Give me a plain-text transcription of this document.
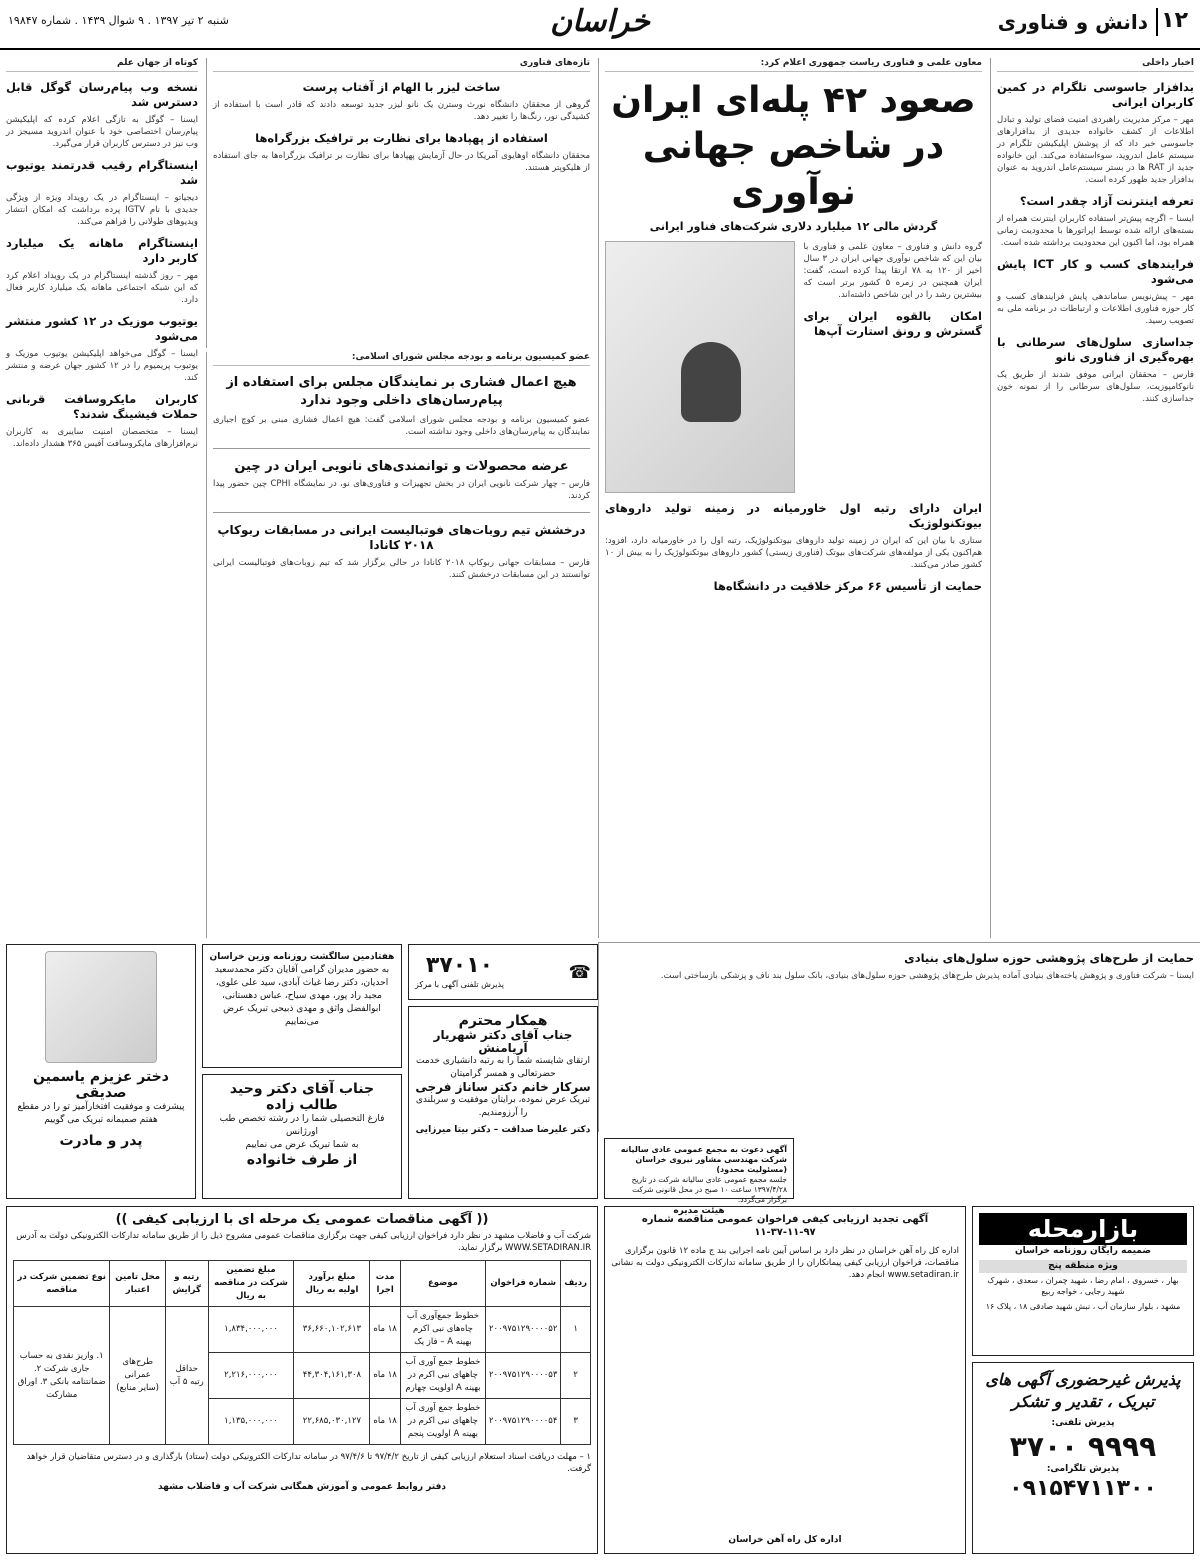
۱۲
دانش و فناوری
خراسان
شنبه ۲ تیر ۱۳۹۷ . ۹ شوال ۱۴۳۹ . شماره ۱۹۸۴۷
اخبار داخلی
بدافزار جاسوسی تلگرام در کمین کاربران ایرانی
مهر – مرکز مدیریت راهبردی امنیت فضای تولید و تبادل اطلاعات از کشف خانواده جدیدی از بدافزارهای جاسوسی خبر داد که از پوشش اپلیکیشن تلگرام در سیستم عامل اندروید، سوءاستفاده می‌کند. این خانواده جدید از RAT ها در بستر سیستم‌عامل اندروید به عنوان بدافزار جدید ظهور کرده است.
تعرفه اینترنت آزاد چقدر است؟
ایسنا – اگرچه پیش‌تر استفاده کاربران اینترنت همراه از بسته‌های ارائه شده توسط اپراتورها با محدودیت زمانی همراه بود، اما اکنون این محدودیت برداشته شده است.
فرایندهای کسب و کار ICT پایش می‌شود
مهر – پیش‌نویس ساماندهی پایش فرایندهای کسب و کار حوزه فناوری اطلاعات و ارتباطات در برنامه ملی به تصویب رسید.
جداسازی سلول‌های سرطانی با بهره‌گیری از فناوری نانو
فارس – محققان ایرانی موفق شدند از طریق یک نانوکامپوزیت، سلول‌های سرطانی را از نمونه خون جداسازی کنند.
معاون علمی و فناوری ریاست جمهوری اعلام کرد:
صعود ۴۲ پله‌ای ایران در شاخص جهانی نوآوری
گردش مالی ۱۲ میلیارد دلاری شرکت‌های فناور ایرانی
گروه دانش و فناوری – معاون علمی و فناوری با بیان این که شاخص نوآوری جهانی ایران در ۳ سال اخیر از ۱۲۰ به ۷۸ ارتقا پیدا کرده است، گفت: ایران همچنین در زمره ۵ کشور برتر است که بیشترین رشد را در این شاخص داشته‌اند.
امکان بالقوه ایران برای گسترش و رونق استارت آپ‌ها
ایران دارای رتبه اول خاورمیانه در زمینه تولید داروهای بیوتکنولوژیک
ستاری با بیان این که ایران در زمینه تولید داروهای بیوتکنولوژیک، رتبه اول را در خاورمیانه دارد، افزود: هم‌اکنون یکی از مولفه‌های شرکت‌های بیوتک (فناوری زیستی) کشور داروهای بیوتکنولوژیک را به بیش از ۱۰ کشور صادر می‌کنند.
حمایت از تأسیس ۶۶ مرکز خلاقیت در دانشگاه‌ها
تازه‌های فناوری
ساخت لیزر با الهام از آفتاب پرست
گروهی از محققان دانشگاه نورث وسترن یک نانو لیزر جدید توسعه دادند که قادر است با استفاده از کشیدگی نور، رنگ‌ها را تغییر دهد.
استفاده از پهپادها برای نظارت بر ترافیک بزرگراه‌ها
محققان دانشگاه اوهایوی آمریکا در حال آزمایش پهپادها برای نظارت بر ترافیک بزرگراه‌ها به جای استفاده از هلیکوپتر هستند.
عضو کمیسیون برنامه و بودجه مجلس شورای اسلامی:
هیچ اعمال فشاری بر نمایندگان مجلس برای استفاده از پیام‌رسان‌های داخلی وجود ندارد
عضو کمیسیون برنامه و بودجه مجلس شورای اسلامی گفت: هیچ اعمال فشاری مبنی بر کوچ اجباری نمایندگان به پیام‌رسان‌های داخلی وجود نداشته است.
عرضه محصولات و توانمندی‌های نانویی ایران در چین
فارس – چهار شرکت نانویی ایران در بخش تجهیزات و فناوری‌های نو، در نمایشگاه CPHI چین حضور پیدا کردند.
درخشش تیم روبات‌های فوتبالیست ایرانی در مسابقات ربوکاپ ۲۰۱۸ کانادا
فارس – مسابقات جهانی ربوکاپ ۲۰۱۸ کانادا در حالی برگزار شد که تیم روبات‌های فوتبالیست ایرانی توانستند در این مسابقات درخشش کنند.
کوتاه از جهان علم
نسخه وب پیام‌رسان گوگل قابل دسترس شد
ایسنا – گوگل به تازگی اعلام کرده که اپلیکیشن پیام‌رسان اختصاصی خود با عنوان اندروید مسیجز در وب نیز در دسترس کاربران قرار می‌گیرد.
اینستاگرام رقیب قدرتمند یوتیوب شد
دیجیاتو – اینستاگرام در یک رویداد ویژه از ویژگی جدیدی با نام IGTV پرده برداشت که امکان انتشار ویدیوهای طولانی را فراهم می‌کند.
اینستاگرام ماهانه یک میلیارد کاربر دارد
مهر – روز گذشته اینستاگرام در یک رویداد اعلام کرد که این شبکه اجتماعی ماهانه یک میلیارد کاربر فعال دارد.
یوتیوب موزیک در ۱۲ کشور منتشر می‌شود
ایسنا – گوگل می‌خواهد اپلیکیشن یوتیوب موزیک و یوتیوب پریمیوم را در ۱۲ کشور جهان عرضه و منتشر کند.
کاربران مایکروسافت قربانی حملات فیشینگ شدند؟
ایسنا – متخصصان امنیت سایبری به کاربران نرم‌افزارهای مایکروسافت آفیس ۳۶۵ هشدار داده‌اند.
حمایت از طرح‌های پژوهشی حوزه سلول‌های بنیادی
ایسنا – شرکت فناوری و پژوهش یاخته‌های بنیادی آماده پذیرش طرح‌های پژوهشی حوزه سلول‌های بنیادی، بانک سلول بند ناف و پزشکی بازساختی است.
دختر عزیزم یاسمین صدیقی
پیشرفت و موفقیت افتخارآمیز تو را در مقطع هفتم صمیمانه تبریک می گوییم
پدر و مادرت
هفتادمین سالگشت روزنامه وزین خراسان
به حضور مدیران گرامی آقایان دکتر محمدسعید احدیان، دکتر رضا غیاث آبادی، سید علی علوی، مجید راد پور، مهدی سیاح، عباس دهستانی، ابوالفضل واثق و مهدی ذبیحی تبریک عرض می‌نماییم
جناب آقای دکتر وحید طالب زاده
فارغ التحصیلی شما را در رشته تخصص طب اورژانس
به شما تبریک عرض می نماییم
از طرف خانواده
☎
۳۷۰۱۰
پذیرش تلفنی آگهی با مرکز
همکار محترم
جناب آقای دکتر شهریار آریامنش
ارتقای شایسته شما را به رتبه دانشیاری خدمت حضرتعالی و همسر گرامیتان
سرکار خانم دکتر ساناز فرجی
تبریک عرض نموده، برایتان موفقیت و سربلندی را آرزومندیم.
دکتر علیرضا صداقت – دکتر بیتا میرزایی
آگهی دعوت به مجمع عمومی عادی سالیانه شرکت مهندسی مشاور نیروی خراسان (مسئولیت محدود)
جلسه مجمع عمومی عادی سالیانه شرکت در تاریخ ۱۳۹۷/۴/۲۸ ساعت ۱۰ صبح در محل قانونی شرکت برگزار می‌گردد.
هیئت مدیره
(( آگهی مناقصات عمومی یک مرحله ای با ارزیابی کیفی ))
شرکت آب و فاضلاب مشهد در نظر دارد فراخوان ارزیابی کیفی جهت برگزاری مناقصات عمومی مشروح ذیل را از طریق سامانه تدارکات الکترونیکی دولت به آدرس WWW.SETADIRAN.IR برگزار نماید.
ردیف	شماره فراخوان	موضوع	مدت اجرا	مبلغ برآورد اولیه به ریال	مبلغ تضمین شرکت در مناقصه به ریال	رتبه و گرایش	محل تامین اعتبار	نوع تضمین شرکت در مناقصه
۱	۲۰۰۹۷۵۱۲۹۰۰۰۰۵۲	خطوط جمع‌آوری آب چاه‌های نبی اکرم بهینه A – فاز یک	۱۸ ماه	۳۶,۶۶۰,۱۰۲,۶۱۳	۱,۸۳۴,۰۰۰,۰۰۰	حداقل رتبه ۵ آب	طرح‌های عمرانی (سایر منابع)	۱. واریز نقدی به حساب جاری شرکت ۲. ضمانتنامه بانکی ۳. اوراق مشارکت
۲	۲۰۰۹۷۵۱۲۹۰۰۰۰۵۳	خطوط جمع آوری آب چاههای نبی اکرم در بهینه A اولویت چهارم	۱۸ ماه	۴۴,۳۰۴,۱۶۱,۳۰۸	۲,۲۱۶,۰۰۰,۰۰۰			
۳	۲۰۰۹۷۵۱۲۹۰۰۰۰۵۴	خطوط جمع آوری آب چاههای نبی اکرم در بهینه A اولویت پنجم	۱۸ ماه	۲۲,۶۸۵,۰۳۰,۱۲۷	۱,۱۳۵,۰۰۰,۰۰۰			
۱ – مهلت دریافت اسناد استعلام ارزیابی کیفی از تاریخ ۹۷/۴/۲ تا ۹۷/۴/۶ در سامانه تدارکات الکترونیکی دولت (ستاد) بارگذاری و در دسترس متقاضیان قرار خواهد گرفت.
دفتر روابط عمومی و آموزش همگانی شرکت آب و فاضلاب مشهد
آگهی تجدید ارزیابی کیفی فراخوان عمومی مناقصه شماره ۹۷-۱۱-۳۷-۱۱
اداره کل راه آهن خراسان در نظر دارد بر اساس آیین نامه اجرایی بند ج ماده ۱۲ قانون برگزاری مناقصات، فراخوان ارزیابی کیفی پیمانکاران را از طریق سامانه تدارکات الکترونیکی دولت به نشانی www.setadiran.ir انجام دهد.
اداره کل راه آهن خراسان
بازارمحله
ضمیمه رایگان روزنامه خراسان
ویژه منطقه پنج
بهار ، خسروی ، امام رضا ، شهید چمران ، سعدی ، شهرک شهید رجایی ، خواجه ربیع
مشهد ، بلوار سازمان آب ، نبش شهید صادقی ۱۸ ، پلاک ۱۶
پذیرش غیرحضوری آگهی های تبریک ، تقدیر و تشکر
پذیرش تلفنی:
۳۷۰۰ ۹۹۹۹
پذیرش تلگرامی:
۰۹۱۵۴۷۱۱۳۰۰
